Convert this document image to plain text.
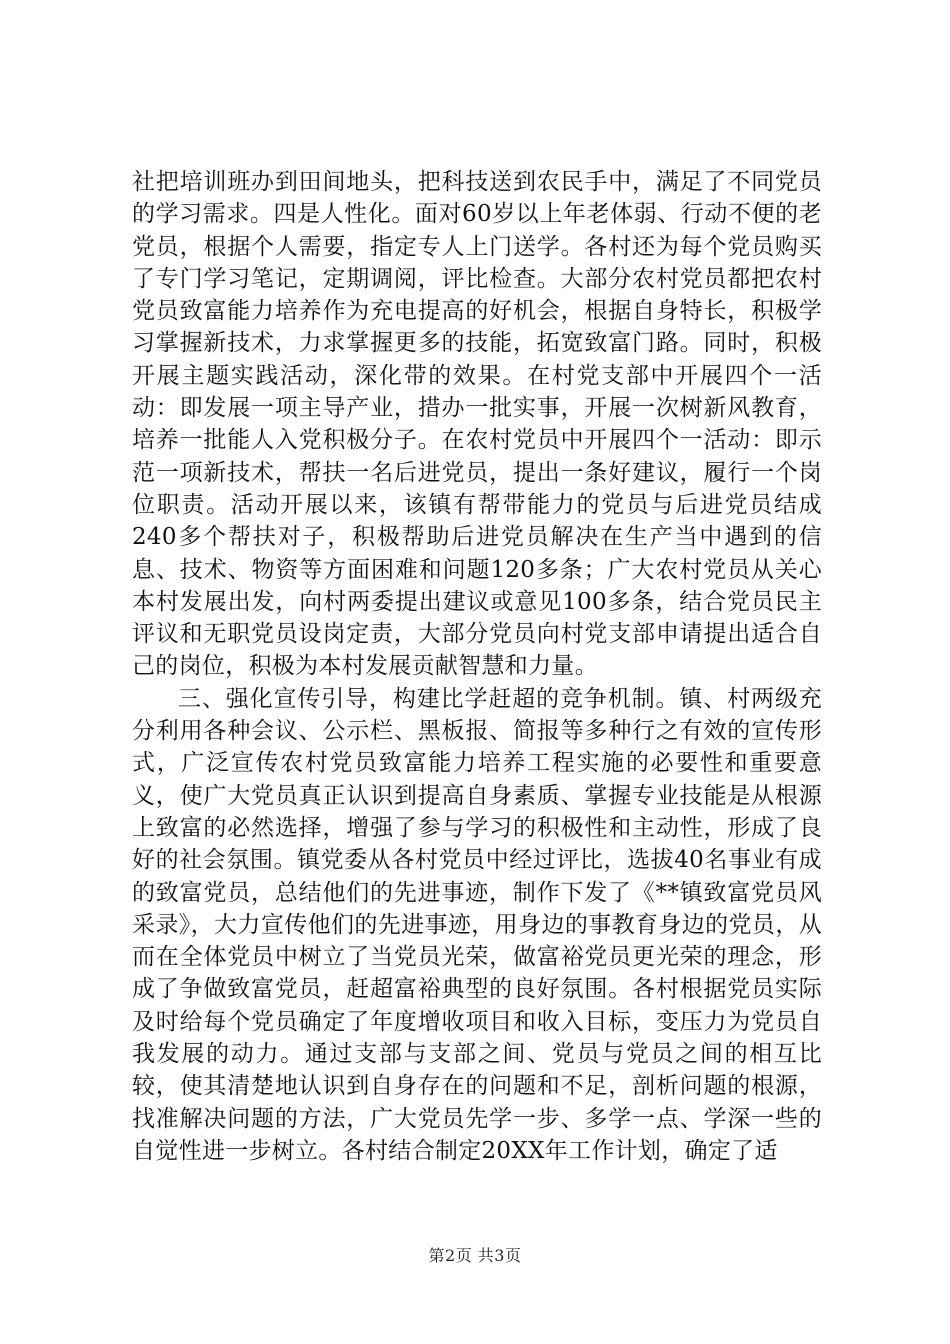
社把培训班办到田间地头，把科技送到农民手中，满足了不同党员的学习需求。四是人性化。面对60岁以上年老体弱、行动不便的老党员，根据个人需要，指定专人上门送学。各村还为每个党员购买了专门学习笔记，定期调阅，评比检查。大部分农村党员都把农村党员致富能力培养作为充电提高的好机会，根据自身特长，积极学习掌握新技术，力求掌握更多的技能，拓宽致富门路。同时，积极开展主题实践活动，深化带的效果。在村党支部中开展四个一活动：即发展一项主导产业，措办一批实事，开展一次树新风教育，培养一批能人入党积极分子。在农村党员中开展四个一活动：即示范一项新技术，帮扶一名后进党员，提出一条好建议，履行一个岗位职责。活动开展以来，该镇有帮带能力的党员与后进党员结成240多个帮扶对子，积极帮助后进党员解决在生产当中遇到的信息、技术、物资等方面困难和问题120多条；广大农村党员从关心本村发展出发，向村两委提出建议或意见100多条，结合党员民主评议和无职党员设岗定责，大部分党员向村党支部申请提出适合自己的岗位，积极为本村发展贡献智慧和力量。

三、强化宣传引导，构建比学赶超的竞争机制。镇、村两级充分利用各种会议、公示栏、黑板报、简报等多种行之有效的宣传形式，广泛宣传农村党员致富能力培养工程实施的必要性和重要意义，使广大党员真正认识到提高自身素质、掌握专业技能是从根源上致富的必然选择，增强了参与学习的积极性和主动性，形成了良好的社会氛围。镇党委从各村党员中经过评比，选拔40名事业有成的致富党员，总结他们的先进事迹，制作下发了《**镇致富党员风采录》，大力宣传他们的先进事迹，用身边的事教育身边的党员，从而在全体党员中树立了当党员光荣，做富裕党员更光荣的理念，形成了争做致富党员，赶超富裕典型的良好氛围。各村根据党员实际及时给每个党员确定了年度增收项目和收入目标，变压力为党员自我发展的动力。通过支部与支部之间、党员与党员之间的相互比较，使其清楚地认识到自身存在的问题和不足，剖析问题的根源，找准解决问题的方法，广大党员先学一步、多学一点、学深一些的自觉性进一步树立。各村结合制定20XX年工作计划，确定了适

第2页 共3页
